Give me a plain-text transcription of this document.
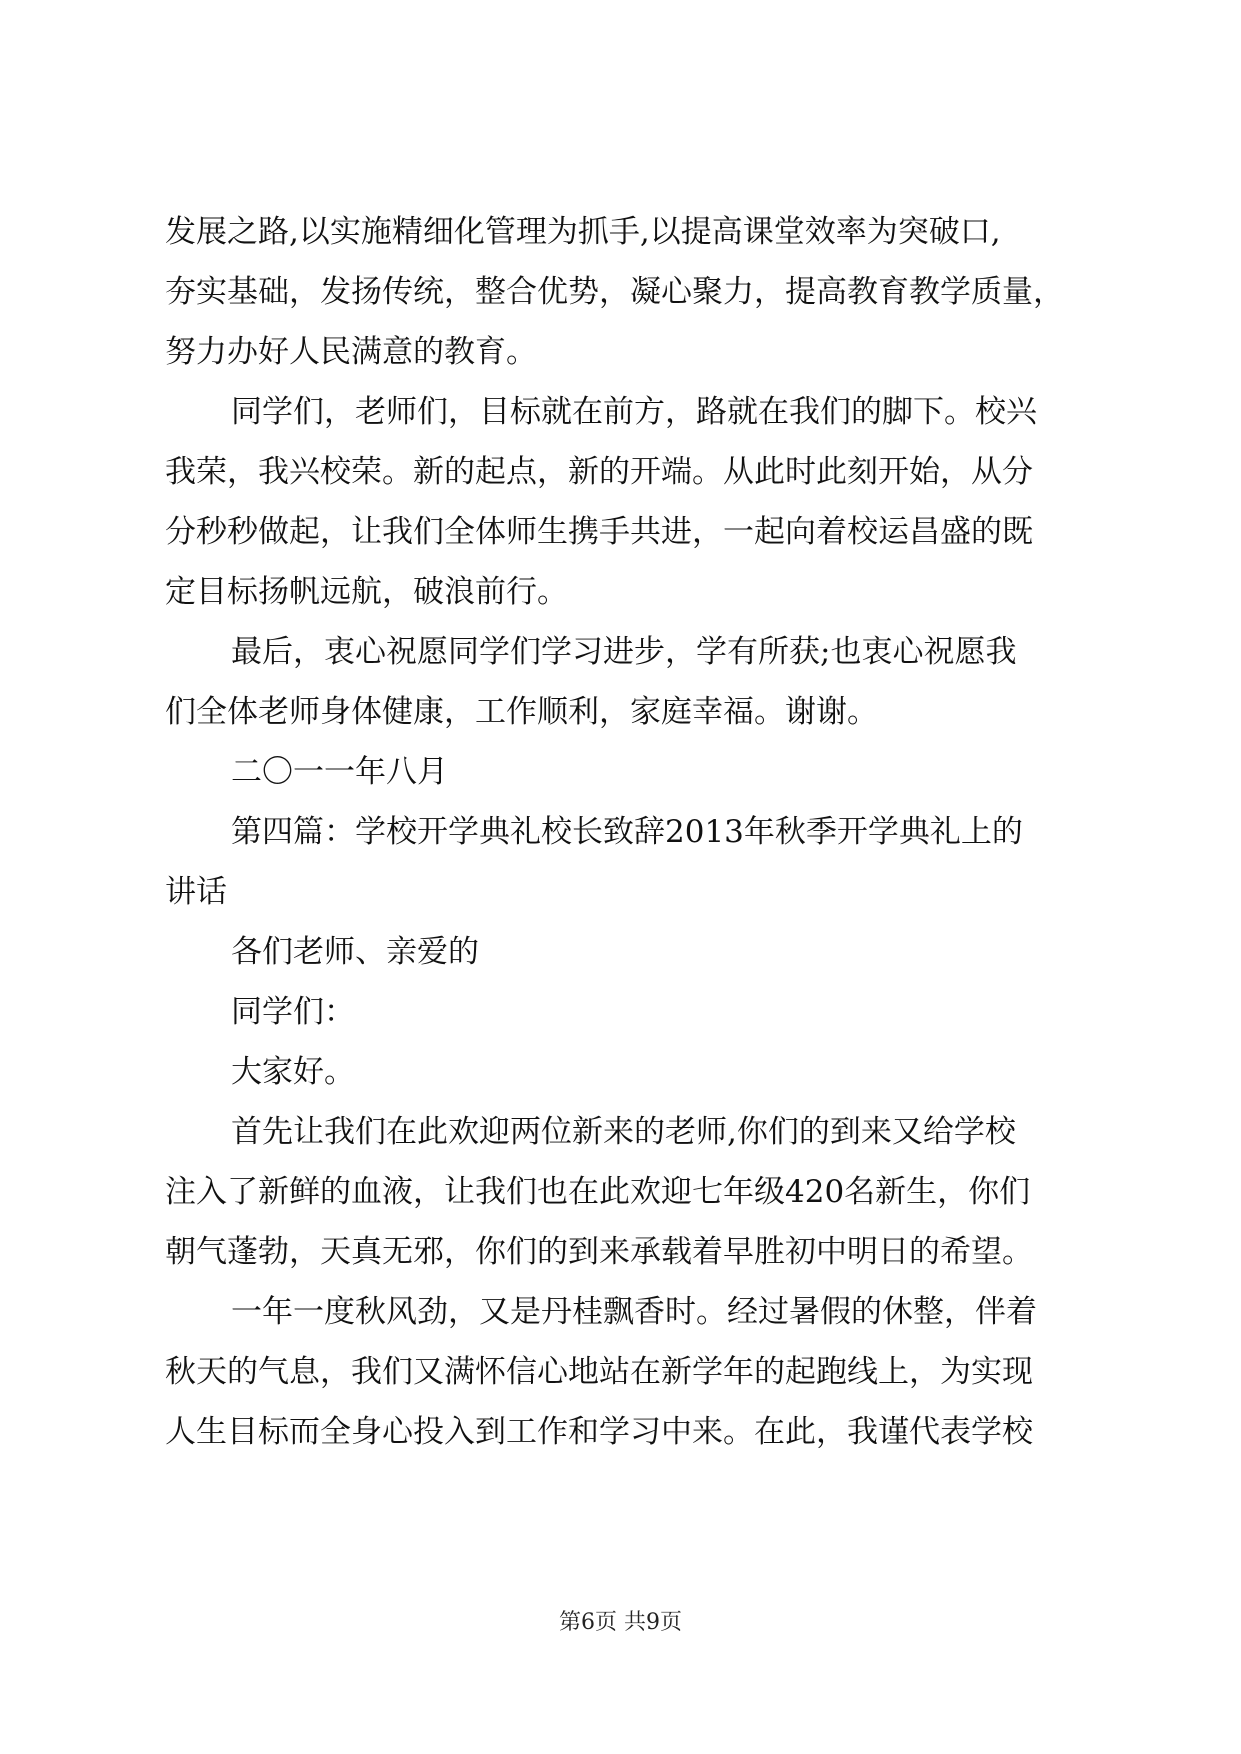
发展之路,以实施精细化管理为抓手,以提高课堂效率为突破口,
夯实基础，发扬传统，整合优势，凝心聚力，提高教育教学质量，
努力办好人民满意的教育。
同学们，老师们，目标就在前方，路就在我们的脚下。校兴
我荣，我兴校荣。新的起点，新的开端。从此时此刻开始，从分
分秒秒做起，让我们全体师生携手共进，一起向着校运昌盛的既
定目标扬帆远航，破浪前行。
最后，衷心祝愿同学们学习进步，学有所获;也衷心祝愿我
们全体老师身体健康，工作顺利，家庭幸福。谢谢。
二〇一一年八月
第四篇：学校开学典礼校长致辞2013年秋季开学典礼上的
讲话
各们老师、亲爱的
同学们：
大家好。
首先让我们在此欢迎两位新来的老师,你们的到来又给学校
注入了新鲜的血液，让我们也在此欢迎七年级420名新生，你们
朝气蓬勃，天真无邪，你们的到来承载着早胜初中明日的希望。
一年一度秋风劲，又是丹桂飘香时。经过暑假的休整，伴着
秋天的气息，我们又满怀信心地站在新学年的起跑线上，为实现
人生目标而全身心投入到工作和学习中来。在此，我谨代表学校
第6页 共9页
